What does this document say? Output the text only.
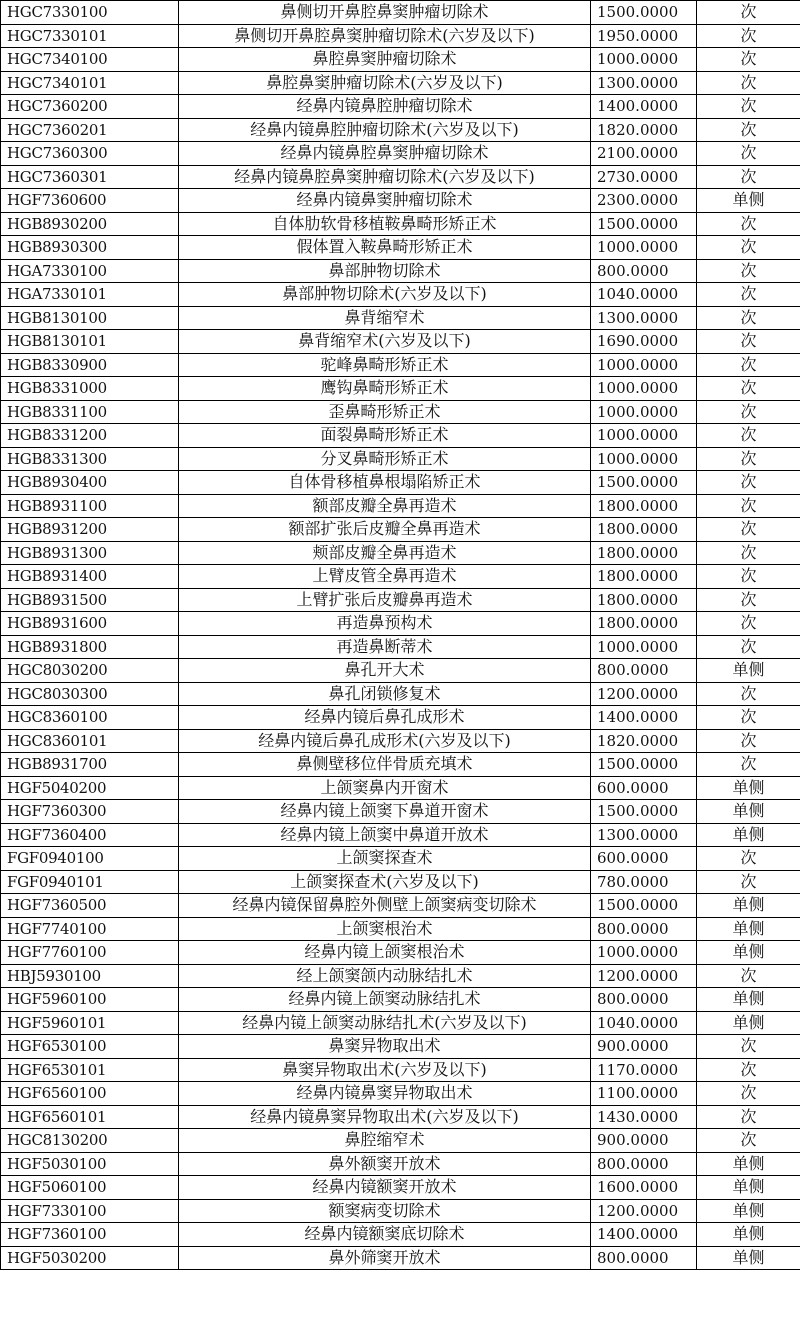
HGC7330100	鼻侧切开鼻腔鼻窦肿瘤切除术	1500.0000	次
HGC7330101	鼻侧切开鼻腔鼻窦肿瘤切除术(六岁及以下)	1950.0000	次
HGC7340100	鼻腔鼻窦肿瘤切除术	1000.0000	次
HGC7340101	鼻腔鼻窦肿瘤切除术(六岁及以下)	1300.0000	次
HGC7360200	经鼻内镜鼻腔肿瘤切除术	1400.0000	次
HGC7360201	经鼻内镜鼻腔肿瘤切除术(六岁及以下)	1820.0000	次
HGC7360300	经鼻内镜鼻腔鼻窦肿瘤切除术	2100.0000	次
HGC7360301	经鼻内镜鼻腔鼻窦肿瘤切除术(六岁及以下)	2730.0000	次
HGF7360600	经鼻内镜鼻窦肿瘤切除术	2300.0000	单侧
HGB8930200	自体肋软骨移植鞍鼻畸形矫正术	1500.0000	次
HGB8930300	假体置入鞍鼻畸形矫正术	1000.0000	次
HGA7330100	鼻部肿物切除术	800.0000	次
HGA7330101	鼻部肿物切除术(六岁及以下)	1040.0000	次
HGB8130100	鼻背缩窄术	1300.0000	次
HGB8130101	鼻背缩窄术(六岁及以下)	1690.0000	次
HGB8330900	驼峰鼻畸形矫正术	1000.0000	次
HGB8331000	鹰钩鼻畸形矫正术	1000.0000	次
HGB8331100	歪鼻畸形矫正术	1000.0000	次
HGB8331200	面裂鼻畸形矫正术	1000.0000	次
HGB8331300	分叉鼻畸形矫正术	1000.0000	次
HGB8930400	自体骨移植鼻根塌陷矫正术	1500.0000	次
HGB8931100	额部皮瓣全鼻再造术	1800.0000	次
HGB8931200	额部扩张后皮瓣全鼻再造术	1800.0000	次
HGB8931300	颊部皮瓣全鼻再造术	1800.0000	次
HGB8931400	上臂皮管全鼻再造术	1800.0000	次
HGB8931500	上臂扩张后皮瓣鼻再造术	1800.0000	次
HGB8931600	再造鼻预构术	1800.0000	次
HGB8931800	再造鼻断蒂术	1000.0000	次
HGC8030200	鼻孔开大术	800.0000	单侧
HGC8030300	鼻孔闭锁修复术	1200.0000	次
HGC8360100	经鼻内镜后鼻孔成形术	1400.0000	次
HGC8360101	经鼻内镜后鼻孔成形术(六岁及以下)	1820.0000	次
HGB8931700	鼻侧壁移位伴骨质充填术	1500.0000	次
HGF5040200	上颌窦鼻内开窗术	600.0000	单侧
HGF7360300	经鼻内镜上颌窦下鼻道开窗术	1500.0000	单侧
HGF7360400	经鼻内镜上颌窦中鼻道开放术	1300.0000	单侧
FGF0940100	上颌窦探查术	600.0000	次
FGF0940101	上颌窦探查术(六岁及以下)	780.0000	次
HGF7360500	经鼻内镜保留鼻腔外侧壁上颌窦病变切除术	1500.0000	单侧
HGF7740100	上颌窦根治术	800.0000	单侧
HGF7760100	经鼻内镜上颌窦根治术	1000.0000	单侧
HBJ5930100	经上颌窦颌内动脉结扎术	1200.0000	次
HGF5960100	经鼻内镜上颌窦动脉结扎术	800.0000	单侧
HGF5960101	经鼻内镜上颌窦动脉结扎术(六岁及以下)	1040.0000	单侧
HGF6530100	鼻窦异物取出术	900.0000	次
HGF6530101	鼻窦异物取出术(六岁及以下)	1170.0000	次
HGF6560100	经鼻内镜鼻窦异物取出术	1100.0000	次
HGF6560101	经鼻内镜鼻窦异物取出术(六岁及以下)	1430.0000	次
HGC8130200	鼻腔缩窄术	900.0000	次
HGF5030100	鼻外额窦开放术	800.0000	单侧
HGF5060100	经鼻内镜额窦开放术	1600.0000	单侧
HGF7330100	额窦病变切除术	1200.0000	单侧
HGF7360100	经鼻内镜额窦底切除术	1400.0000	单侧
HGF5030200	鼻外筛窦开放术	800.0000	单侧
